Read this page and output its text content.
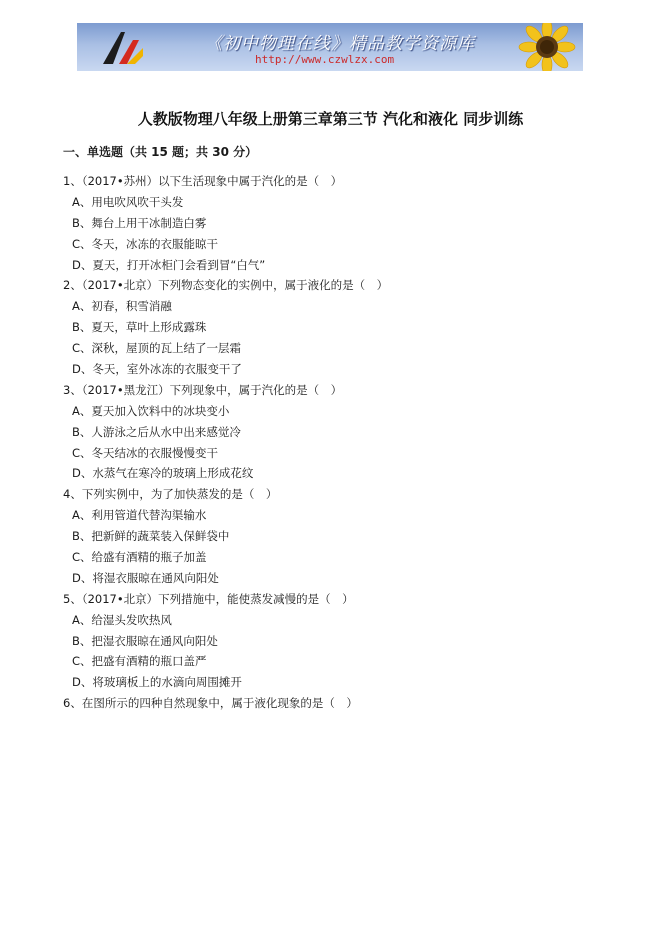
《初中物理在线》精品教学资源库
http://www.czwlzx.com
人教版物理八年级上册第三章第三节 汽化和液化 同步训练
一、单选题（共 15 题；共 30 分）
1、（2017•苏州）以下生活现象中属于汽化的是（　）
A、用电吹风吹干头发
B、舞台上用干冰制造白雾
C、冬天，冰冻的衣服能晾干
D、夏天，打开冰柜门会看到冒“白气”
2、（2017•北京）下列物态变化的实例中，属于液化的是（　）
A、初春，积雪消融
B、夏天，草叶上形成露珠
C、深秋，屋顶的瓦上结了一层霜
D、冬天，室外冰冻的衣服变干了
3、（2017•黑龙江）下列现象中，属于汽化的是（　）
A、夏天加入饮料中的冰块变小
B、人游泳之后从水中出来感觉冷
C、冬天结冰的衣服慢慢变干
D、水蒸气在寒冷的玻璃上形成花纹
4、下列实例中，为了加快蒸发的是（　）
A、利用管道代替沟渠输水
B、把新鲜的蔬菜装入保鲜袋中
C、给盛有酒精的瓶子加盖
D、将湿衣服晾在通风向阳处
5、（2017•北京）下列措施中，能使蒸发减慢的是（　）
A、给湿头发吹热风
B、把湿衣服晾在通风向阳处
C、把盛有酒精的瓶口盖严
D、将玻璃板上的水滴向周围摊开
6、在图所示的四种自然现象中，属于液化现象的是（　）
